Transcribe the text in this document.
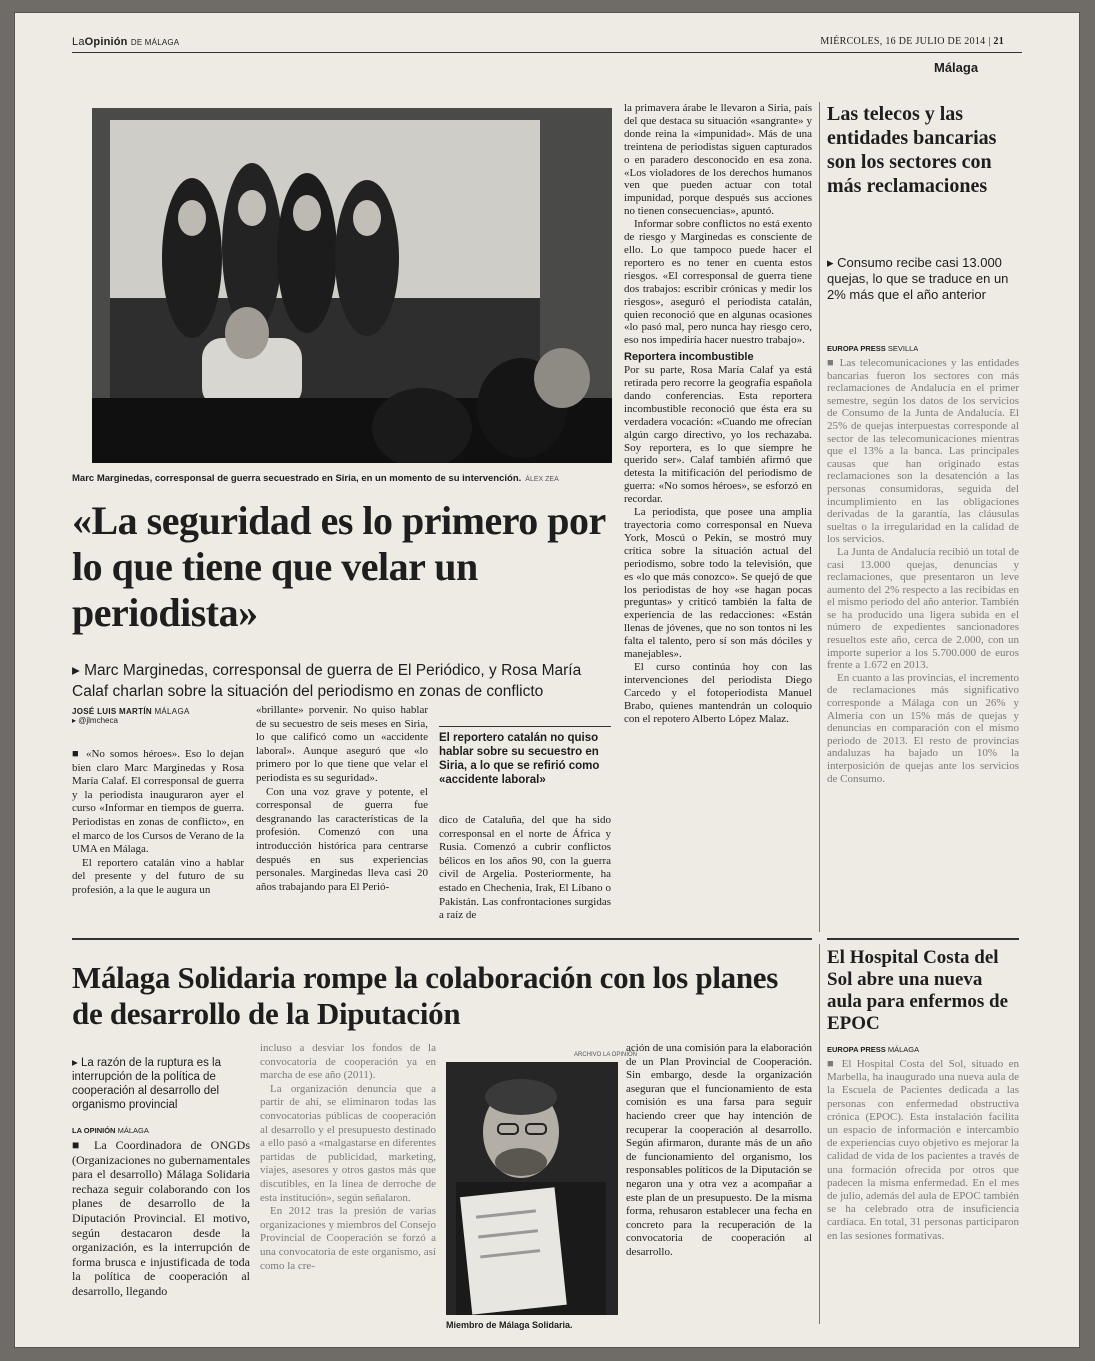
LaOpinión DE MÁLAGA	MIÉRCOLES, 16 DE JULIO DE 2014 | 21
Málaga
Marc Marginedas, corresponsal de guerra secuestrado en Siria, en un momento de su intervención. ÁLEX ZEA
«La seguridad es lo primero por lo que tiene que velar un periodista»
▸ Marc Marginedas, corresponsal de guerra de El Periódico, y Rosa María Calaf charlan sobre la situación del periodismo en zonas de conflicto
JOSÉ LUIS MARTÍN MÁLAGA
▸ @jlmcheca

■ «No somos héroes». Eso lo dejan bien claro Marc Marginedas y Rosa María Calaf. El corresponsal de guerra y la periodista inauguraron ayer el curso «Informar en tiempos de guerra. Periodistas en zonas de conflicto», en el marco de los Cursos de Verano de la UMA en Málaga.

El reportero catalán vino a hablar del presente y del futuro de su profesión, a la que le augura un

«brillante» porvenir. No quiso hablar de su secuestro de seis meses en Siria, lo que calificó como un «accidente laboral». Aunque aseguró que «lo primero por lo que tiene que velar el periodista es su seguridad».

Con una voz grave y potente, el corresponsal de guerra fue desgranando las características de la profesión. Comenzó con una introducción histórica para centrarse después en sus experiencias personales. Marginedas lleva casi 20 años trabajando para El Perió-

El reportero catalán no quiso hablar sobre su secuestro en Siria, a lo que se refirió como «accidente laboral»

dico de Cataluña, del que ha sido corresponsal en el norte de África y Rusia. Comenzó a cubrir conflictos bélicos en los años 90, con la guerra civil de Argelia. Posteriormente, ha estado en Chechenia, Irak, El Líbano o Pakistán. Las confrontaciones surgidas a raíz de

la primavera árabe le llevaron a Siria, país del que destaca su situación «sangrante» y donde reina la «impunidad». Más de una treintena de periodistas siguen capturados o en paradero desconocido en esa zona. «Los violadores de los derechos humanos ven que pueden actuar con total impunidad, porque después sus acciones no tienen consecuencias», apuntó.

Informar sobre conflictos no está exento de riesgo y Marginedas es consciente de ello. Lo que tampoco puede hacer el reportero es no tener en cuenta estos riesgos. «El corresponsal de guerra tiene dos trabajos: escribir crónicas y medir los riesgos», aseguró el periodista catalán, quien reconoció que en algunas ocasiones «lo pasó mal, pero nunca hay riesgo cero, eso nos impediría hacer nuestro trabajo».

Reportera incombustible

Por su parte, Rosa María Calaf ya está retirada pero recorre la geografía española dando conferencias. Esta reportera incombustible reconoció que ésta era su verdadera vocación: «Cuando me ofrecían algún cargo directivo, yo los rechazaba. Soy reportera, es lo que siempre he querido ser». Calaf también afirmó que detesta la mitificación del periodismo de guerra: «No somos héroes», se esforzó en recordar.

La periodista, que posee una amplia trayectoria como corresponsal en Nueva York, Moscú o Pekín, se mostró muy crítica sobre la situación actual del periodismo, sobre todo la televisión, que es «lo que más conozco». Se quejó de que los periodistas de hoy «se hagan pocas preguntas» y criticó también la falta de experiencia de las redacciones: «Están llenas de jóvenes, que no son tontos ni les falta el talento, pero sí son más dóciles y manejables».

El curso continúa hoy con las intervenciones del periodista Diego Carcedo y el fotoperiodista Manuel Brabo, quienes mantendrán un coloquio con el repotero Alberto López Malaz.

Las telecos y las entidades bancarias son los sectores con más reclamaciones
▸ Consumo recibe casi 13.000 quejas, lo que se traduce en un 2% más que el año anterior
EUROPA PRESS SEVILLA

■ Las telecomunicaciones y las entidades bancarias fueron los sectores con más reclamaciones de Andalucía en el primer semestre, según los datos de los servicios de Consumo de la Junta de Andalucía. El 25% de quejas interpuestas corresponde al sector de las telecomunicaciones mientras que el 13% a la banca. Las principales causas que han originado estas reclamaciones son la desatención a las personas consumidoras, seguida del incumplimiento en las obligaciones derivadas de la garantía, las cláusulas sueltas o la irregularidad en la calidad de los servicios.

La Junta de Andalucía recibió un total de casi 13.000 quejas, denuncias y reclamaciones, que presentaron un leve aumento del 2% respecto a las recibidas en el mismo periodo del año anterior. También se ha producido una ligera subida en el número de expedientes sancionadores resueltos este año, cerca de 2.000, con un importe superior a los 5.700.000 de euros frente a 1.672 en 2013.

En cuanto a las provincias, el incremento de reclamaciones más significativo corresponde a Málaga con un 26% y Almería con un 15% más de quejas y denuncias en comparación con el mismo periodo de 2013. El resto de provincias andaluzas ha bajado un 10% la interposición de quejas ante los servicios de Consumo.

Málaga Solidaria rompe la colaboración con los planes de desarrollo de la Diputación
▸ La razón de la ruptura es la interrupción de la política de cooperación al desarrollo del organismo provincial
LA OPINIÓN MÁLAGA

■ La Coordinadora de ONGDs (Organizaciones no gubernamentales para el desarrollo) Málaga Solidaria rechaza seguir colaborando con los planes de desarrollo de la Diputación Provincial. El motivo, según destacaron desde la organización, es la interrupción de forma brusca e injustificada de toda la política de cooperación al desarrollo, llegando

incluso a desviar los fondos de la convocatoria de cooperación ya en marcha de ese año (2011).

La organización denuncia que a partir de ahí, se eliminaron todas las convocatorias públicas de cooperación al desarrollo y el presupuesto destinado a ello pasó a «malgastarse en diferentes partidas de publicidad, marketing, viajes, asesores y otros gastos más que discutibles, en la línea de derroche de esta institución», según señalaron.

En 2012 tras la presión de varias organizaciones y miembros del Consejo Provincial de Cooperación se forzó a una convocatoria de este organismo, así como la cre-

ARCHIVO LA OPINIÓN
Miembro de Málaga Solidaria.

ación de una comisión para la elaboración de un Plan Provincial de Cooperación. Sin embargo, desde la organización aseguran que el funcionamiento de esta comisión es una farsa para seguir haciendo creer que hay intención de recuperar la cooperación al desarrollo. Según afirmaron, durante más de un año de funcionamiento del organismo, los responsables políticos de la Diputación se negaron una y otra vez a acompañar a este plan de un presupuesto. De la misma forma, rehusaron establecer una fecha en concreto para la recuperación de la convocatoria de cooperación al desarrollo.

El Hospital Costa del Sol abre una nueva aula para enfermos de EPOC
EUROPA PRESS MÁLAGA

■ El Hospital Costa del Sol, situado en Marbella, ha inaugurado una nueva aula de la Escuela de Pacientes dedicada a las personas con enfermedad obstructiva crónica (EPOC). Esta instalación facilita un espacio de información e intercambio de experiencias cuyo objetivo es mejorar la calidad de vida de los pacientes a través de una formación ofrecida por otros que padecen la misma enfermedad. En el mes de julio, además del aula de EPOC también se ha celebrado otra de insuficiencia cardíaca. En total, 31 personas participaron en las sesiones formativas.
